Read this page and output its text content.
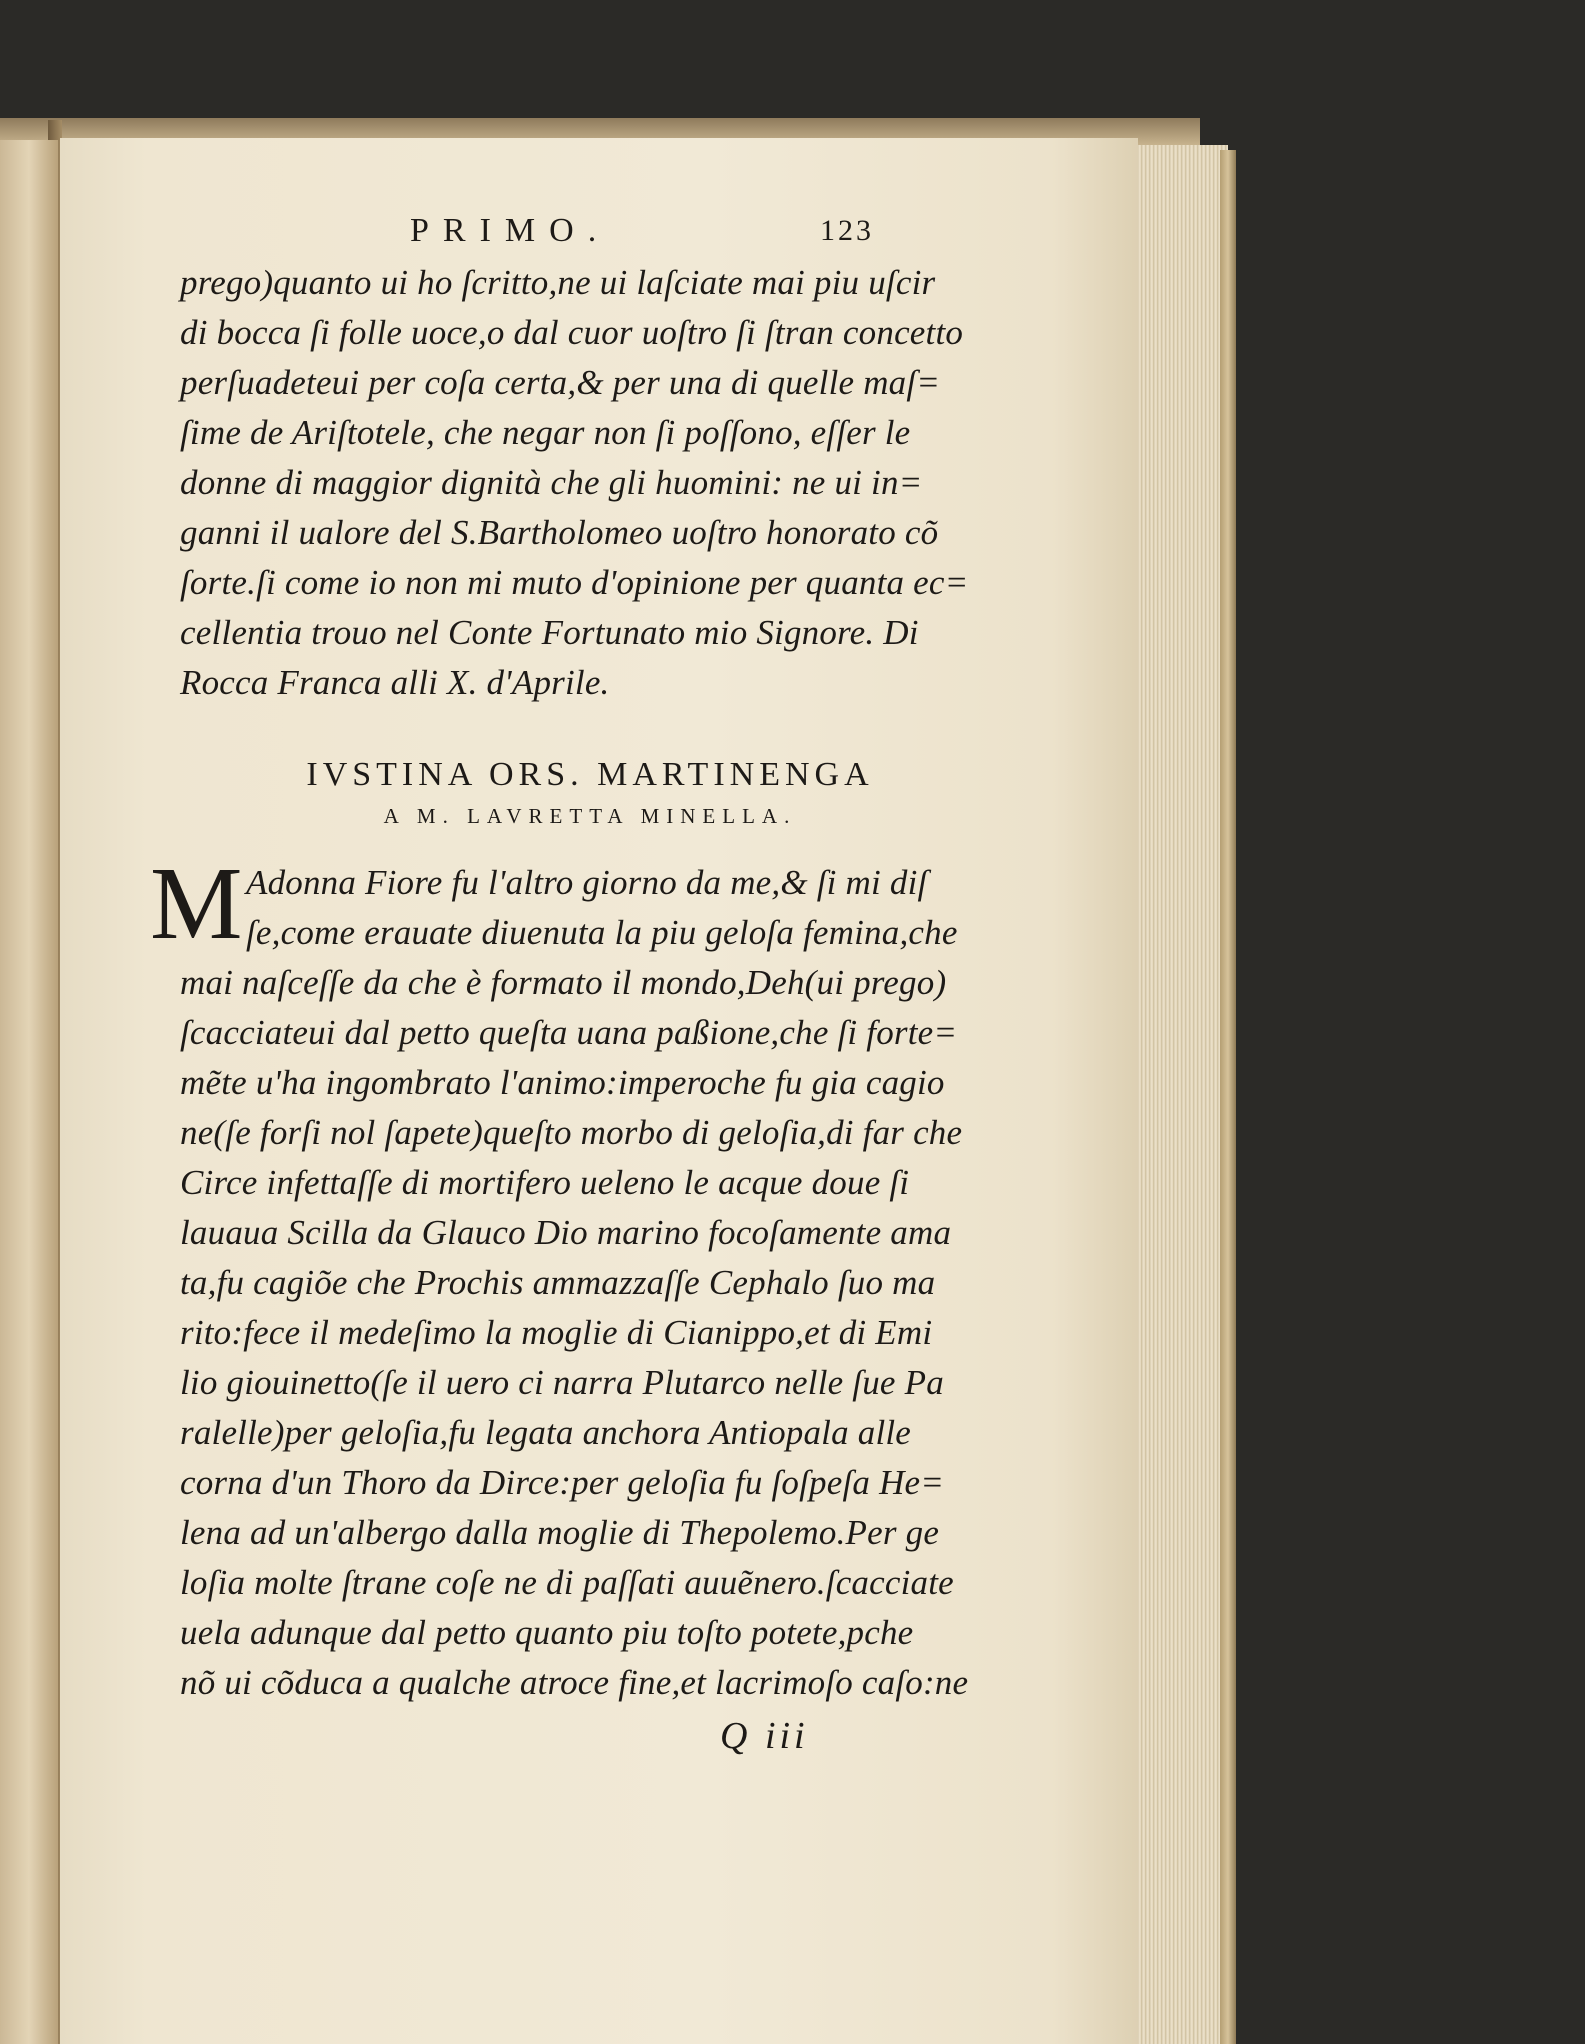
PRIMO.	123
prego)quanto ui ho ſcritto,ne ui laſciate mai piu uſcir
di bocca ſi folle uoce,o dal cuor uoſtro ſi ſtran concetto
perſuadeteui per coſa certa,& per una di quelle maſ=
ſime de Ariſtotele, che negar non ſi poſſono, eſſer le
donne di maggior dignità che gli huomini: ne ui in=
ganni il ualore del S.Bartholomeo uoſtro honorato cõ
ſorte.ſi come io non mi muto d'opinione per quanta ec=
cellentia trouo nel Conte Fortunato mio Signore. Di
Rocca Franca alli X. d'Aprile.
IVSTINA ORS. MARTINENGA
A M. LAVRETTA MINELLA.
M Adonna Fiore fu l'altro giorno da me,& ſi mi diſ
ſe,come erauate diuenuta la piu geloſa femina,che
mai naſceſſe da che è formato il mondo,Deh(ui prego)
ſcacciateui dal petto queſta uana paßione,che ſi forte=
mẽte u'ha ingombrato l'animo:imperoche fu gia cagio
ne(ſe forſi nol ſapete)queſto morbo di geloſia,di far che
Circe infettaſſe di mortifero ueleno le acque doue ſi
lauaua Scilla da Glauco Dio marino focoſamente ama
ta,fu cagiõe che Prochis ammazzaſſe Cephalo ſuo ma
rito:fece il medeſimo la moglie di Cianippo,et di Emi
lio giouinetto(ſe il uero ci narra Plutarco nelle ſue Pa
ralelle)per geloſia,fu legata anchora Antiopala alle
corna d'un Thoro da Dirce:per geloſia fu ſoſpeſa He=
lena ad un'albergo dalla moglie di Thepolemo.Per ge
loſia molte ſtrane coſe ne di paſſati auuẽnero.ſcacciate
uela adunque dal petto quanto piu toſto potete,pche
nõ ui cõduca a qualche atroce fine,et lacrimoſo caſo:ne
Q iii
